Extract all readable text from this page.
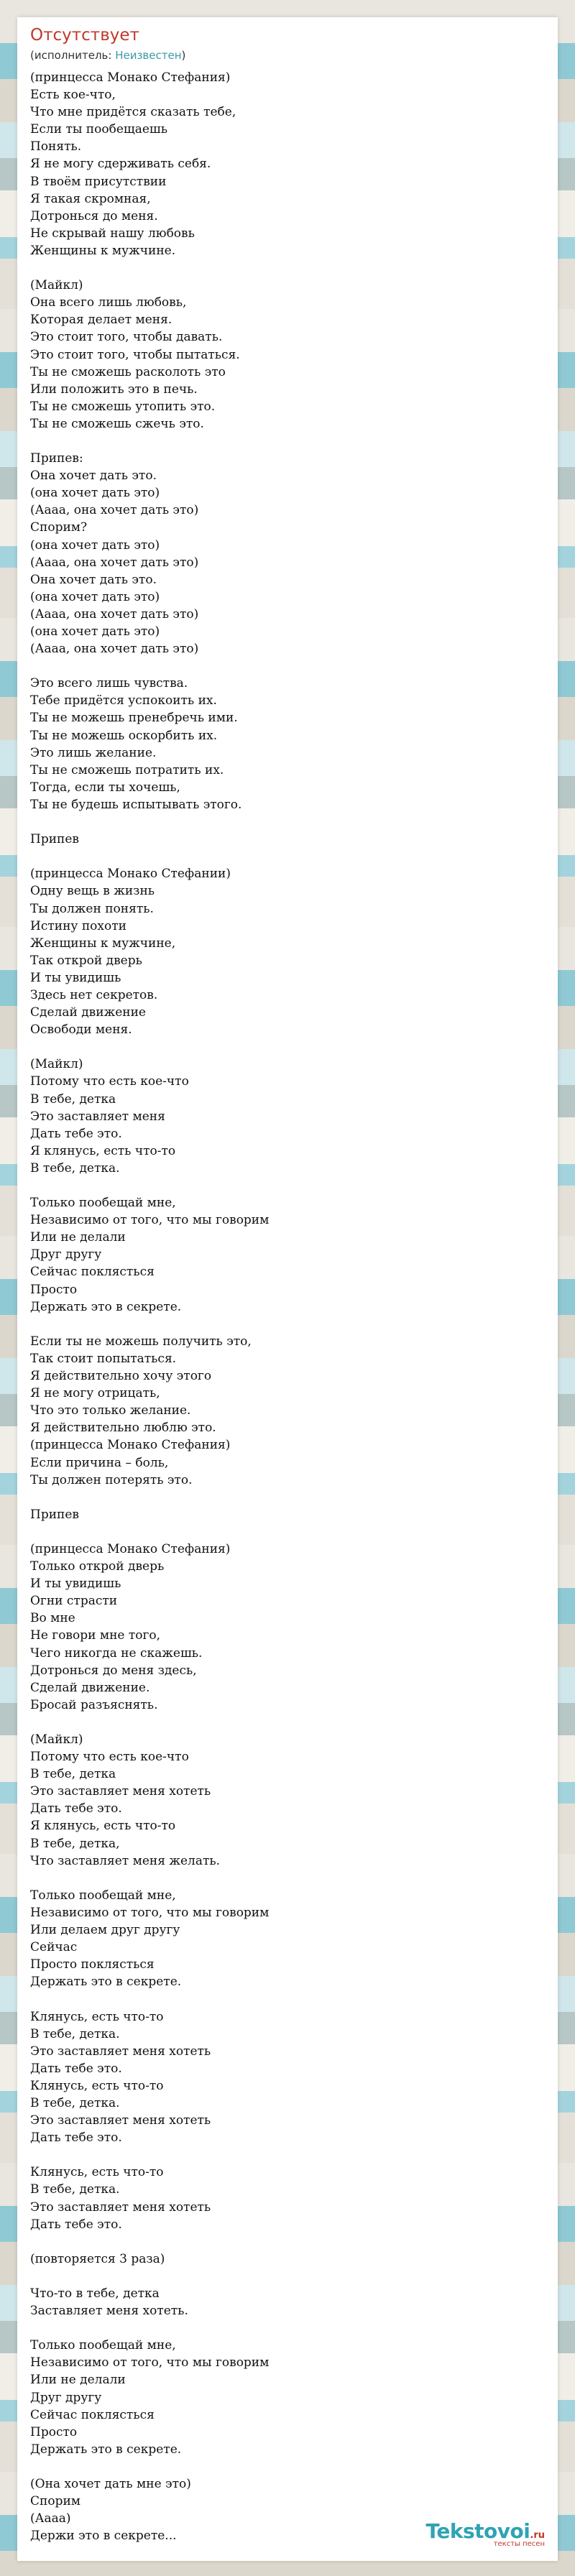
Отсутствует
(исполнитель: Неизвестен)
(принцесса Монако Стефания)
Есть кое-что,
Что мне придётся сказать тебе,
Если ты пообещаешь
Понять.
Я не могу сдерживать себя.
В твоём присутствии
Я такая скромная,
Дотронься до меня.
Не скрывай нашу любовь
Женщины к мужчине.

(Майкл)
Она всего лишь любовь,
Которая делает меня.
Это стоит того, чтобы давать.
Это стоит того, чтобы пытаться.
Ты не сможешь расколоть это
Или положить это в печь.
Ты не сможешь утопить это.
Ты не сможешь сжечь это.

Припев:
Она хочет дать это.
(она хочет дать это)
(Аааа, она хочет дать это)
Спорим?
(она хочет дать это)
(Аааа, она хочет дать это)
Она хочет дать это.
(она хочет дать это)
(Аааа, она хочет дать это)
(она хочет дать это)
(Аааа, она хочет дать это)

Это всего лишь чувства.
Тебе придётся успокоить их.
Ты не можешь пренебречь ими.
Ты не можешь оскорбить их.
Это лишь желание.
Ты не сможешь потратить их.
Тогда, если ты хочешь,
Ты не будешь испытывать этого.

Припев

(принцесса Монако Стефании)
Одну вещь в жизнь
Ты должен понять.
Истину похоти
Женщины к мужчине,
Так открой дверь
И ты увидишь
Здесь нет секретов.
Сделай движение
Освободи меня.

(Майкл)
Потому что есть кое-что
В тебе, детка
Это заставляет меня
Дать тебе это.
Я клянусь, есть что-то
В тебе, детка.

Только пообещай мне,
Независимо от того, что мы говорим
Или не делали
Друг другу
Сейчас поклясться
Просто
Держать это в секрете.

Если ты не можешь получить это,
Так стоит попытаться.
Я действительно хочу этого
Я не могу отрицать,
Что это только желание.
Я действительно люблю это.
(принцесса Монако Стефания)
Если причина – боль,
Ты должен потерять это.

Припев

(принцесса Монако Стефания)
Только открой дверь
И ты увидишь
Огни страсти
Во мне
Не говори мне того,
Чего никогда не скажешь.
Дотронься до меня здесь,
Сделай движение.
Бросай разъяснять.

(Майкл)
Потому что есть кое-что
В тебе, детка
Это заставляет меня хотеть
Дать тебе это.
Я клянусь, есть что-то
В тебе, детка,
Что заставляет меня желать.

Только пообещай мне,
Независимо от того, что мы говорим
Или делаем друг другу
Сейчас
Просто поклясться
Держать это в секрете.

Клянусь, есть что-то
В тебе, детка.
Это заставляет меня хотеть
Дать тебе это.
Клянусь, есть что-то
В тебе, детка.
Это заставляет меня хотеть
Дать тебе это.

Клянусь, есть что-то
В тебе, детка.
Это заставляет меня хотеть
Дать тебе это.

(повторяется 3 раза)

Что-то в тебе, детка
Заставляет меня хотеть.

Только пообещай мне,
Независимо от того, что мы говорим
Или не делали
Друг другу
Сейчас поклясться
Просто
Держать это в секрете.

(Она хочет дать мне это)
Спорим
(Аааа)
Держи это в секрете...	Tekstovoi.ru
тексты песен
